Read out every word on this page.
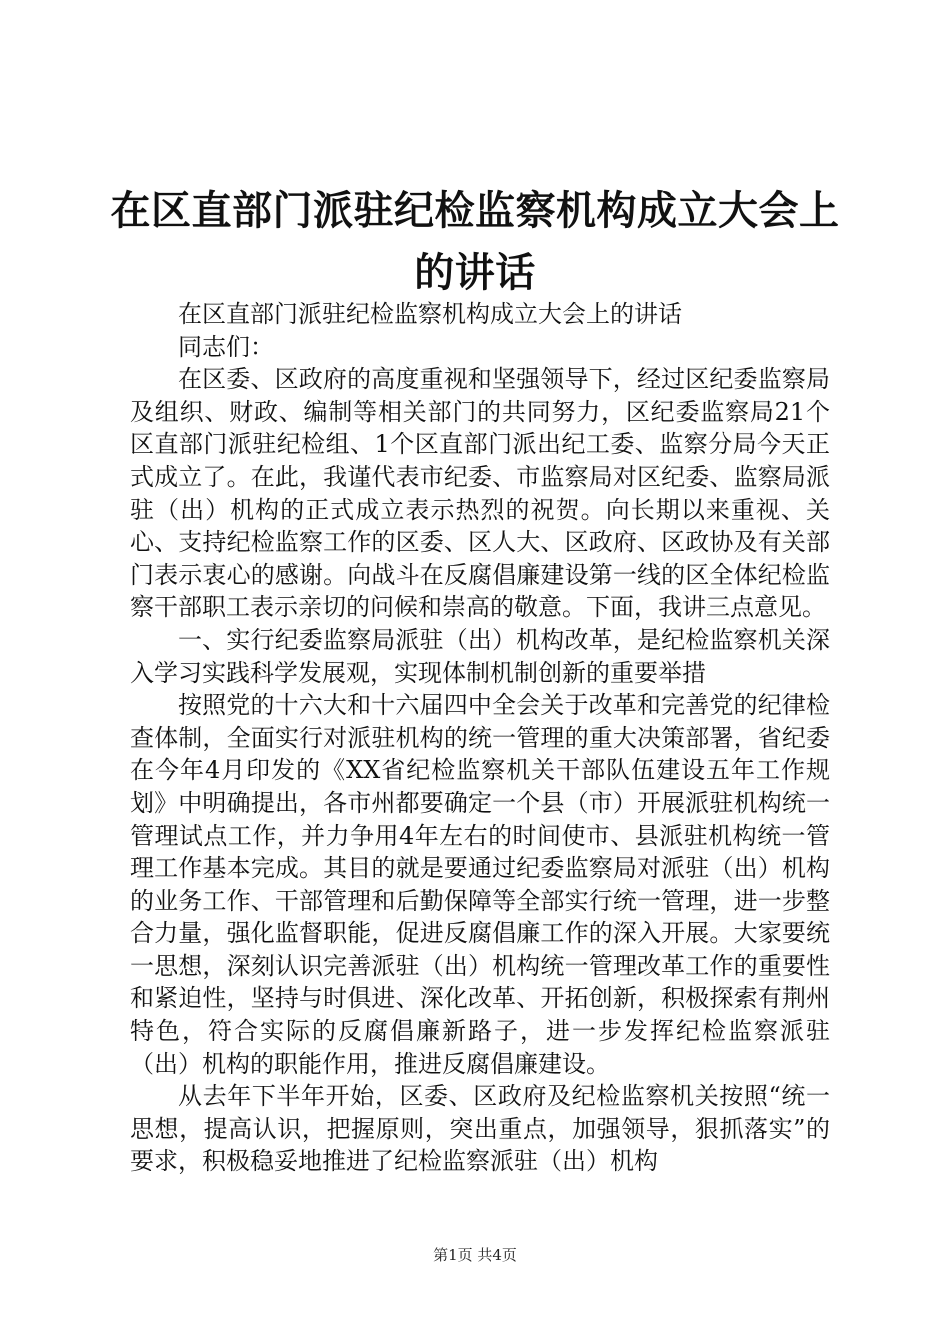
在区直部门派驻纪检监察机构成立大会上的讲话

在区直部门派驻纪检监察机构成立大会上的讲话

同志们：

在区委、区政府的高度重视和坚强领导下，经过区纪委监察局及组织、财政、编制等相关部门的共同努力，区纪委监察局21个区直部门派驻纪检组、1个区直部门派出纪工委、监察分局今天正式成立了。在此，我谨代表市纪委、市监察局对区纪委、监察局派驻（出）机构的正式成立表示热烈的祝贺。向长期以来重视、关心、支持纪检监察工作的区委、区人大、区政府、区政协及有关部门表示衷心的感谢。向战斗在反腐倡廉建设第一线的区全体纪检监察干部职工表示亲切的问候和崇高的敬意。下面，我讲三点意见。

一、实行纪委监察局派驻（出）机构改革，是纪检监察机关深入学习实践科学发展观，实现体制机制创新的重要举措

按照党的十六大和十六届四中全会关于改革和完善党的纪律检查体制，全面实行对派驻机构的统一管理的重大决策部署，省纪委在今年4月印发的《XX省纪检监察机关干部队伍建设五年工作规划》中明确提出，各市州都要确定一个县（市）开展派驻机构统一管理试点工作，并力争用4年左右的时间使市、县派驻机构统一管理工作基本完成。其目的就是要通过纪委监察局对派驻（出）机构的业务工作、干部管理和后勤保障等全部实行统一管理，进一步整合力量，强化监督职能，促进反腐倡廉工作的深入开展。大家要统一思想，深刻认识完善派驻（出）机构统一管理改革工作的重要性和紧迫性，坚持与时俱进、深化改革、开拓创新，积极探索有荆州特色，符合实际的反腐倡廉新路子，进一步发挥纪检监察派驻（出）机构的职能作用，推进反腐倡廉建设。

从去年下半年开始，区委、区政府及纪检监察机关按照“统一思想，提高认识，把握原则，突出重点，加强领导，狠抓落实”的要求，积极稳妥地推进了纪检监察派驻（出）机构

第1页 共4页
